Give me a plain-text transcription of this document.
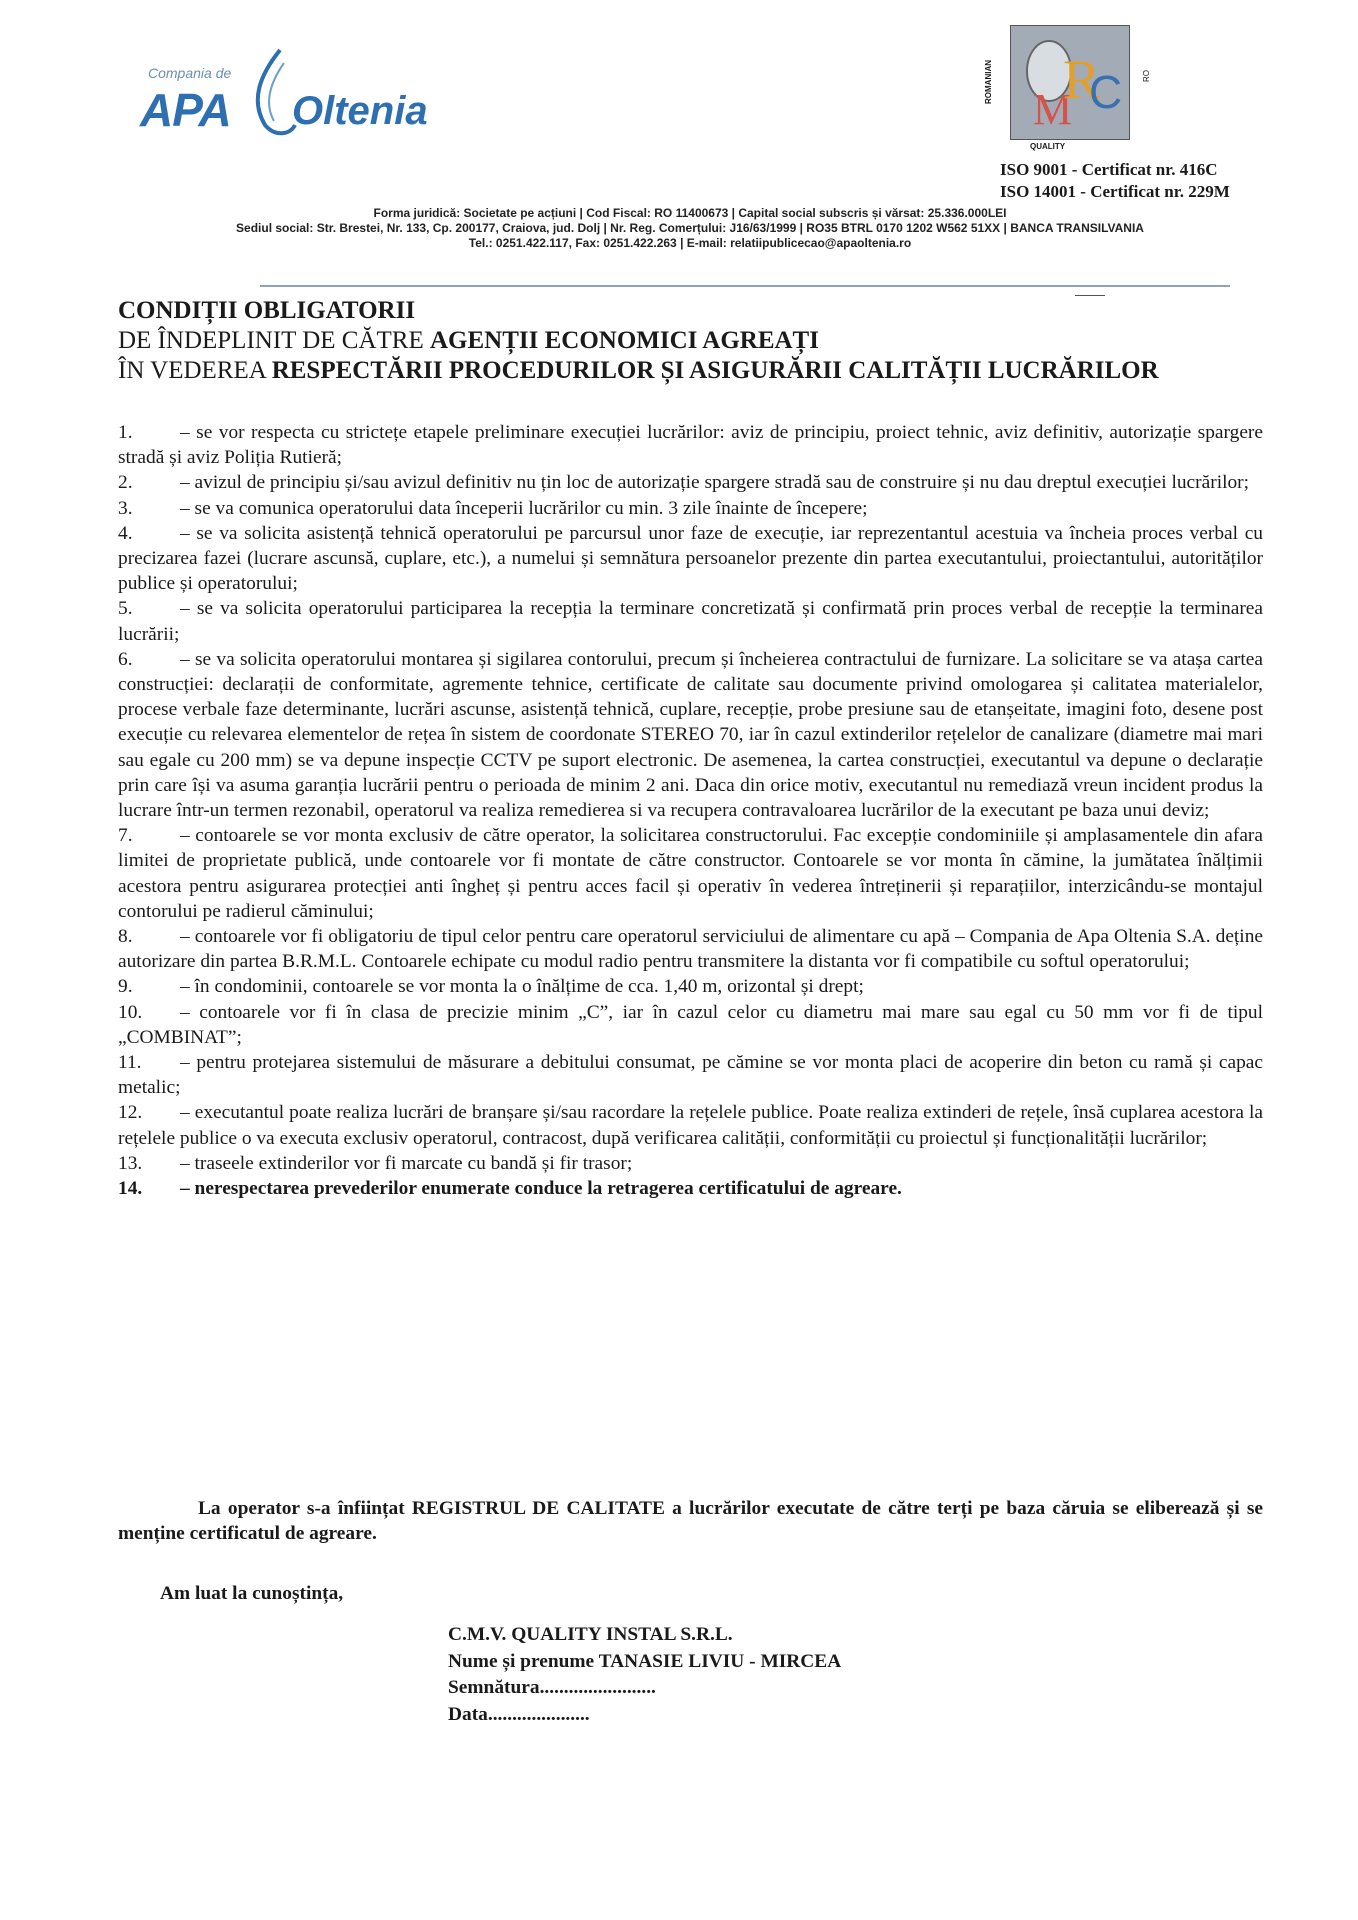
Compania de
APA Oltenia
ROMANIAN
M
R
C RO
QUALITY
ISO 9001 - Certificat nr. 416C
ISO 14001 - Certificat nr. 229M
Forma juridică: Societate pe acțiuni | Cod Fiscal: RO 11400673 | Capital social subscris și vărsat: 25.336.000LEI
Sediul social: Str. Brestei, Nr. 133, Cp. 200177, Craiova, jud. Dolj | Nr. Reg. Comerțului: J16/63/1999 | RO35 BTRL 0170 1202 W562 51XX | BANCA TRANSILVANIA
Tel.: 0251.422.117, Fax: 0251.422.263 | E-mail: relatiipublicecao@apaoltenia.ro
CONDIȚII OBLIGATORII
DE ÎNDEPLINIT DE CĂTRE AGENȚII ECONOMICI AGREAȚI
ÎN VEDEREA RESPECTĂRII PROCEDURILOR ȘI ASIGURĂRII CALITĂȚII LUCRĂRILOR

1. – se vor respecta cu strictețe etapele preliminare execuției lucrărilor: aviz de principiu, proiect tehnic, aviz definitiv, autorizație spargere stradă și aviz Poliția Rutieră;

2. – avizul de principiu și/sau avizul definitiv nu țin loc de autorizație spargere stradă sau de construire și nu dau dreptul execuției lucrărilor;

3. – se va comunica operatorului data începerii lucrărilor cu min. 3 zile înainte de începere;

4. – se va solicita asistență tehnică operatorului pe parcursul unor faze de execuție, iar reprezentantul acestuia va încheia proces verbal cu precizarea fazei (lucrare ascunsă, cuplare, etc.), a numelui și semnătura persoanelor prezente din partea executantului, proiectantului, autorităților publice și operatorului;

5. – se va solicita operatorului participarea la recepția la terminare concretizată și confirmată prin proces verbal de recepție la terminarea lucrării;

6. – se va solicita operatorului montarea și sigilarea contorului, precum și încheierea contractului de furnizare. La solicitare se va atașa cartea construcției: declarații de conformitate, agremente tehnice, certificate de calitate sau documente privind omologarea și calitatea materialelor, procese verbale faze determinante, lucrări ascunse, asistență tehnică, cuplare, recepție, probe presiune sau de etanșeitate, imagini foto, desene post execuție cu relevarea elementelor de rețea în sistem de coordonate STEREO 70, iar în cazul extinderilor rețelelor de canalizare (diametre mai mari sau egale cu 200 mm) se va depune inspecție CCTV pe suport electronic. De asemenea, la cartea construcției, executantul va depune o declarație prin care își va asuma garanția lucrării pentru o perioada de minim 2 ani. Daca din orice motiv, executantul nu remediază vreun incident produs la lucrare într-un termen rezonabil, operatorul va realiza remedierea si va recupera contravaloarea lucrărilor de la executant pe baza unui deviz;

7. – contoarele se vor monta exclusiv de către operator, la solicitarea constructorului. Fac excepție condominiile și amplasamentele din afara limitei de proprietate publică, unde contoarele vor fi montate de către constructor. Contoarele se vor monta în cămine, la jumătatea înălțimii acestora pentru asigurarea protecției anti îngheț și pentru acces facil și operativ în vederea întreținerii și reparațiilor, interzicându-se montajul contorului pe radierul căminului;

8. – contoarele vor fi obligatoriu de tipul celor pentru care operatorul serviciului de alimentare cu apă – Compania de Apa Oltenia S.A. deține autorizare din partea B.R.M.L. Contoarele echipate cu modul radio pentru transmitere la distanta vor fi compatibile cu softul operatorului;

9. – în condominii, contoarele se vor monta la o înălțime de cca. 1,40 m, orizontal și drept;

10. – contoarele vor fi în clasa de precizie minim „C”, iar în cazul celor cu diametru mai mare sau egal cu 50 mm vor fi de tipul „COMBINAT”;

11. – pentru protejarea sistemului de măsurare a debitului consumat, pe cămine se vor monta placi de acoperire din beton cu ramă și capac metalic;

12. – executantul poate realiza lucrări de branșare și/sau racordare la rețelele publice. Poate realiza extinderi de rețele, însă cuplarea acestora la rețelele publice o va executa exclusiv operatorul, contracost, după verificarea calității, conformității cu proiectul și funcționalității lucrărilor;

13. – traseele extinderilor vor fi marcate cu bandă și fir trasor;

14. – nerespectarea prevederilor enumerate conduce la retragerea certificatului de agreare.

La operator s-a înființat REGISTRUL DE CALITATE a lucrărilor executate de către terți pe baza căruia se eliberează și se menține certificatul de agreare.
Am luat la cunoștința,
C.M.V. QUALITY INSTAL S.R.L.
Nume și prenume TANASIE LIVIU - MIRCEA
Semnătura........................
Data.....................
